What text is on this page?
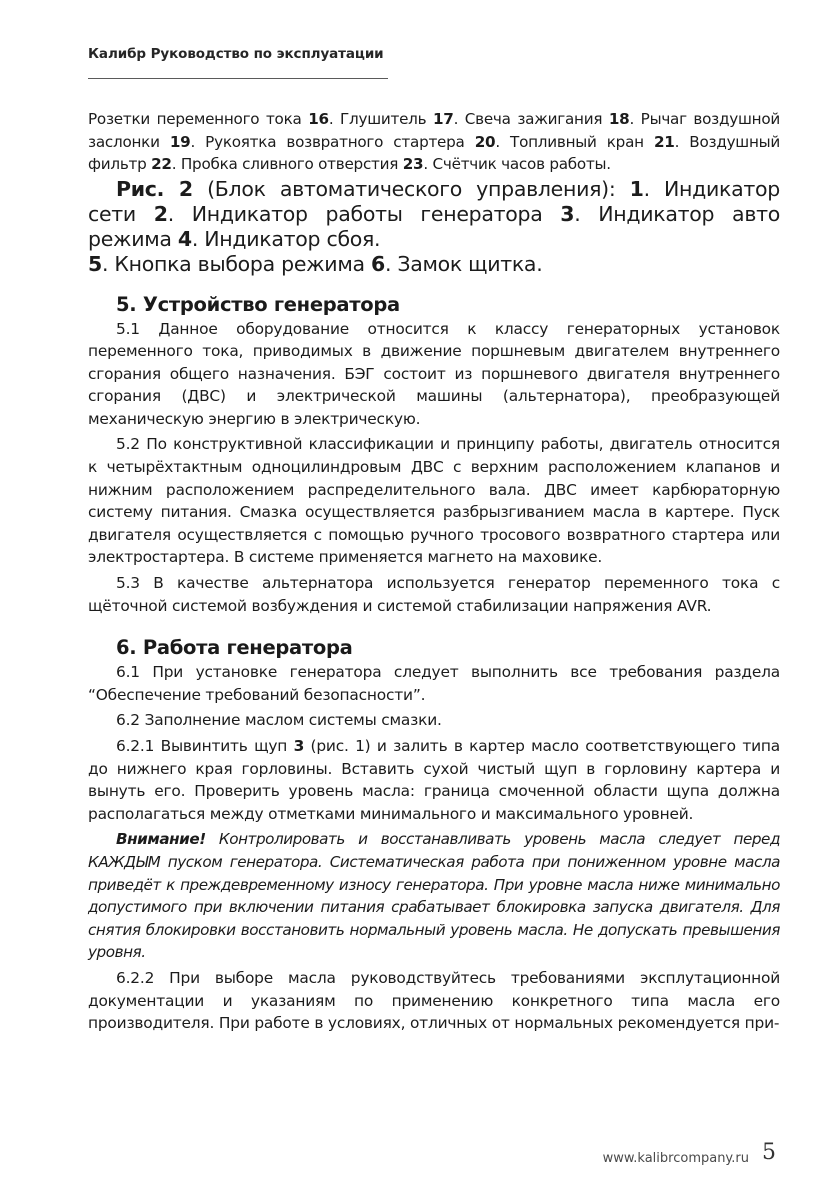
Калибр Руководство по эксплуатации

Розетки переменного тока 16. Глушитель 17. Свеча зажигания 18. Рычаг воздушной заслонки 19. Рукоятка возвратного стартера 20. Топливный кран 21. Воздушный фильтр 22. Пробка сливного отверстия 23. Счётчик часов работы.

Рис. 2 (Блок автоматического управления): 1. Индикатор сети 2. Индикатор работы генератора 3. Индикатор авто режима 4. Индикатор сбоя.
5. Кнопка выбора режима 6. Замок щитка.

5. Устройство генератора

5.1 Данное оборудование относится к классу генераторных установок переменного тока, приводимых в движение поршневым двигателем внутреннего сгорания общего назначения. БЭГ состоит из поршневого двигателя внутреннего сгорания (ДВС) и электрической машины (альтернатора), преобразующей механическую энергию в электрическую.

5.2 По конструктивной классификации и принципу работы, двигатель относится к четырёхтактным одноцилиндровым ДВС с верхним расположением клапанов и нижним расположением распределительного вала. ДВС имеет карбюраторную систему питания. Смазка осуществляется разбрызгиванием масла в картере. Пуск двигателя осуществляется с помощью ручного тросового возвратного стартера или электростартера. В системе применяется магнето на маховике.

5.3 В качестве альтернатора используется генератор переменного тока с щёточной системой возбуждения и системой стабилизации напряжения AVR.

6. Работа генератора

6.1 При установке генератора следует выполнить все требования раздела “Обеспечение требований безопасности”.

6.2 Заполнение маслом системы смазки.

6.2.1 Вывинтить щуп 3 (рис. 1) и залить в картер масло соответствующего типа до нижнего края горловины. Вставить сухой чистый щуп в горловину картера и вынуть его. Проверить уровень масла: граница смоченной области щупа должна располагаться между отметками минимального и максимального уровней.

Внимание! Контролировать и восстанавливать уровень масла следует перед КАЖДЫМ пуском генератора. Систематическая работа при пониженном уровне масла приведёт к преждевременному износу генератора. При уровне масла ниже минимально допустимого при включении питания срабатывает блокировка запуска двигателя. Для снятия блокировки восстановить нормальный уровень масла. Не допускать превышения уровня.

6.2.2 При выборе масла руководствуйтесь требованиями эксплутационной документации и указаниям по применению конкретного типа масла его производителя. При работе в условиях, отличных от нормальных рекомендуется при-

www.kalibrcompany.ru 5
